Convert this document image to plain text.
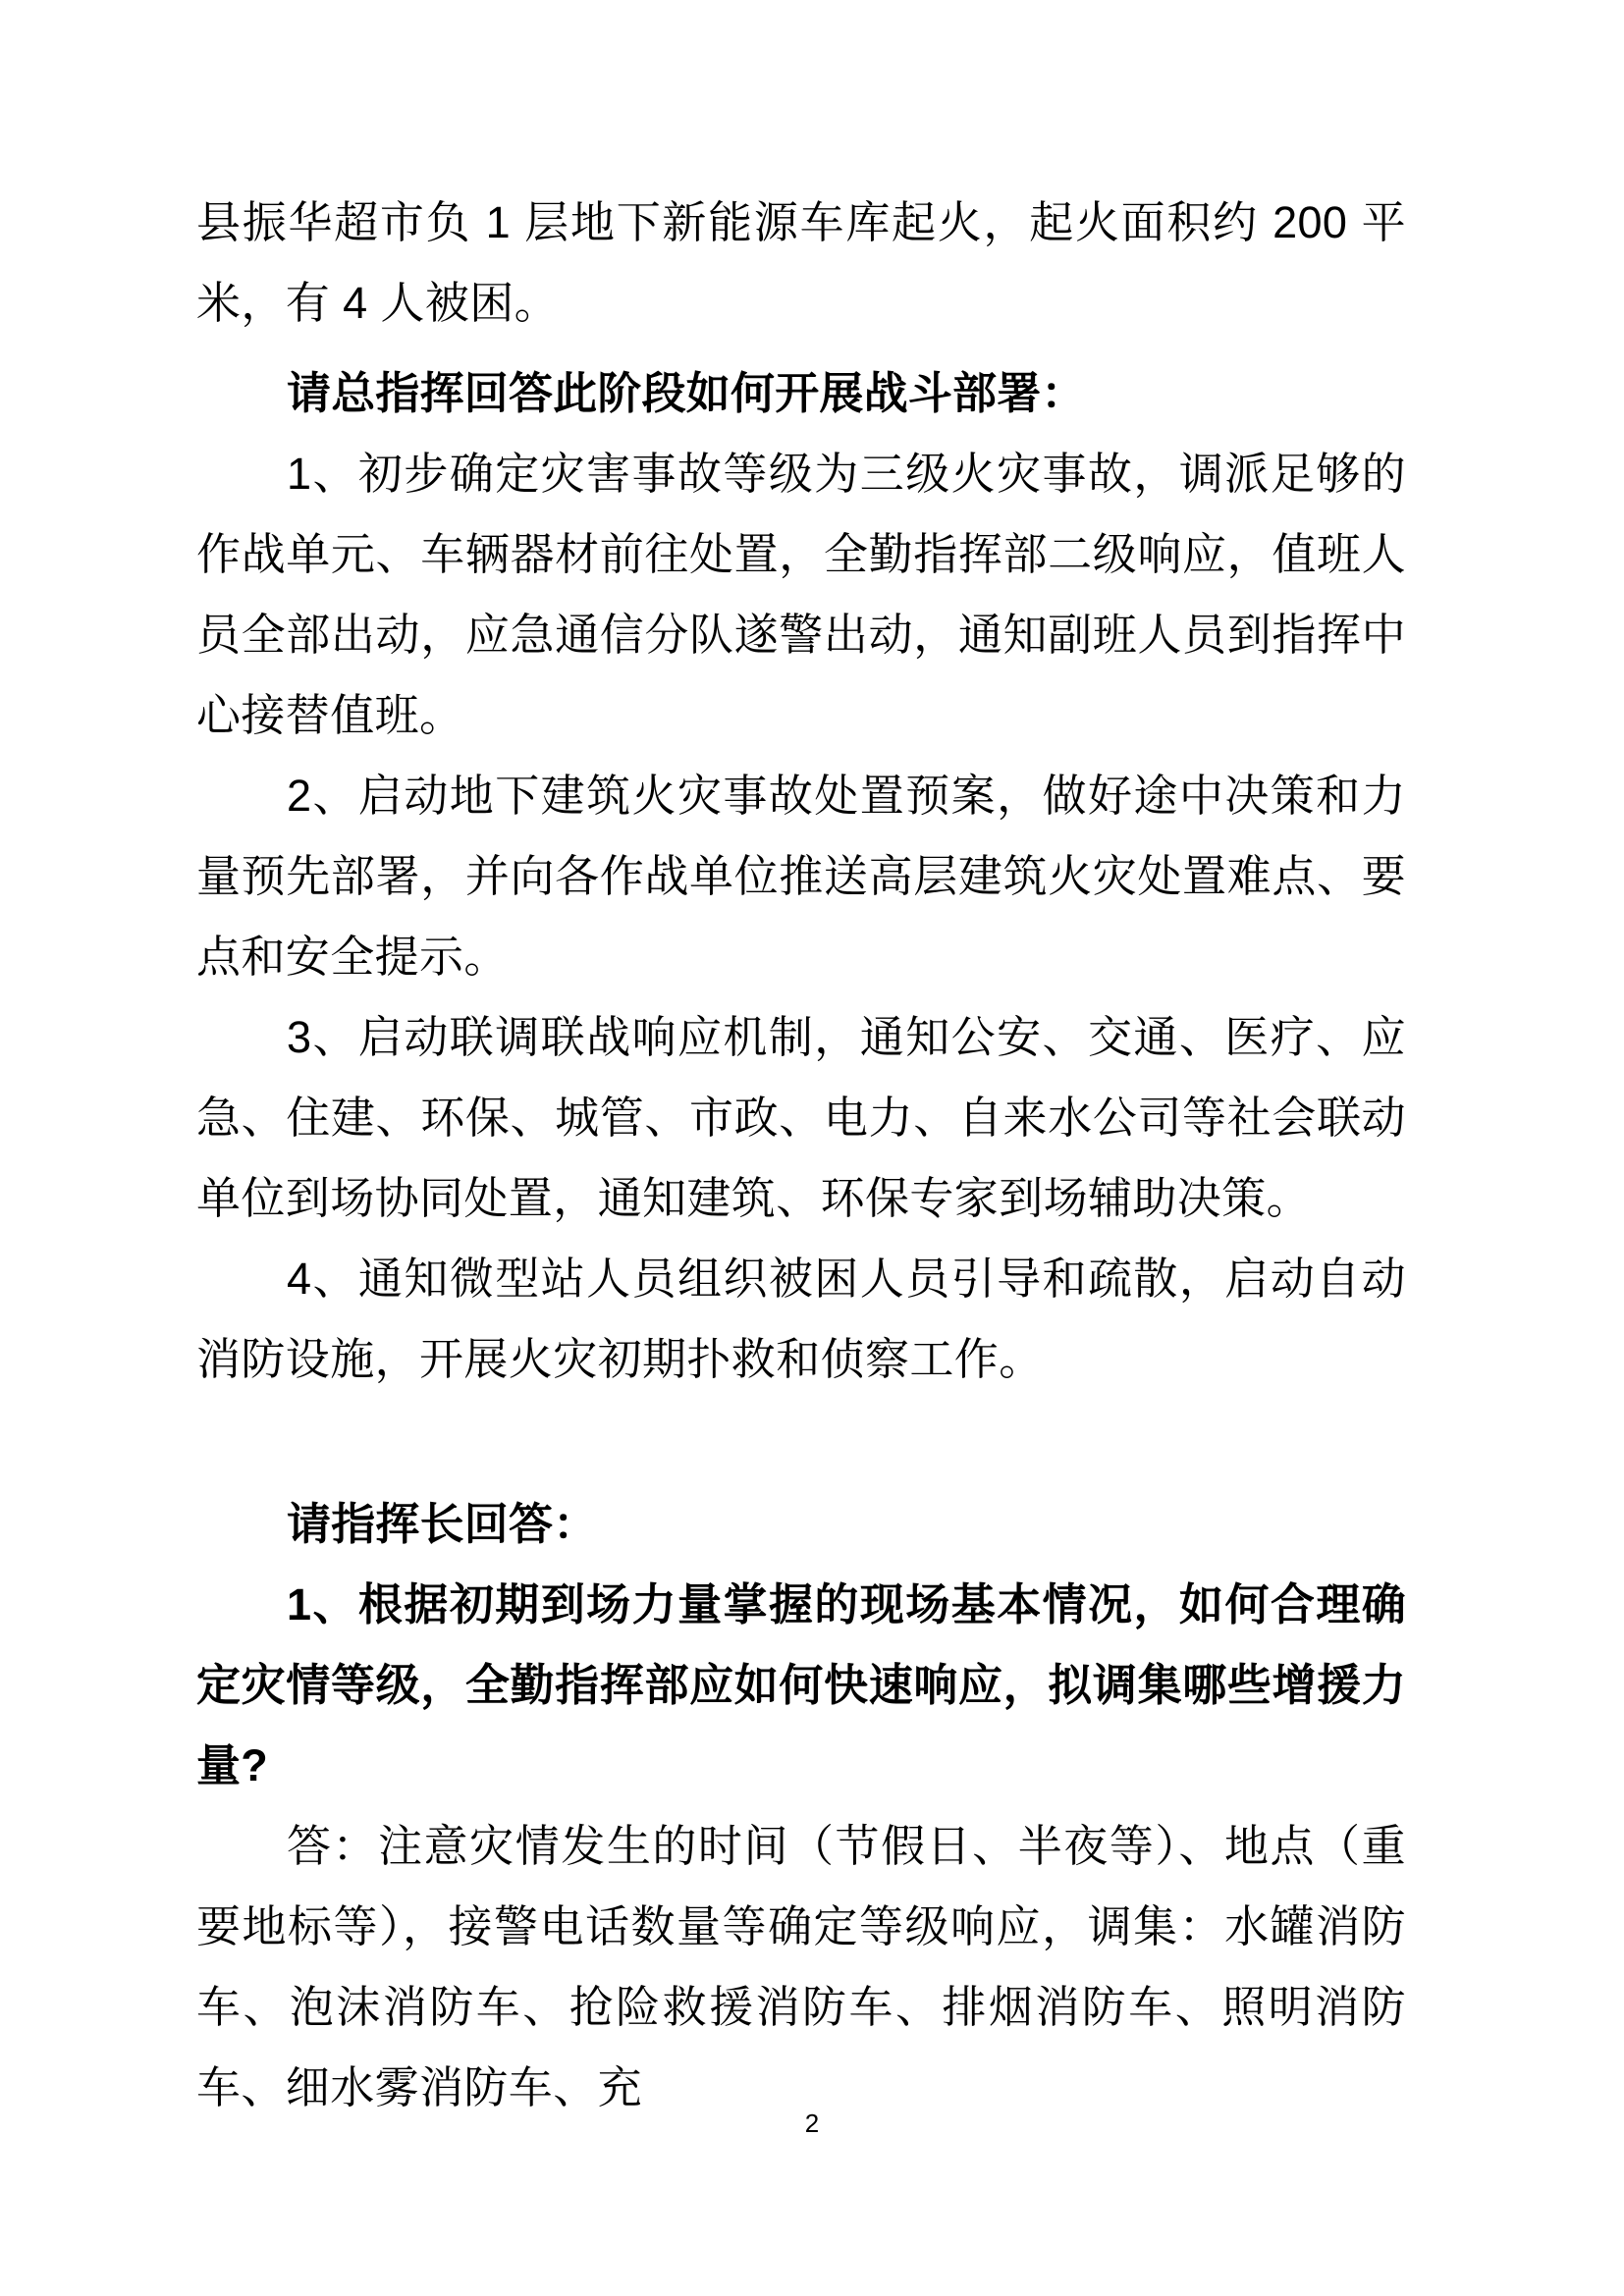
县振华超市负 1 层地下新能源车库起火，起火面积约 200 平米，有 4 人被困。

请总指挥回答此阶段如何开展战斗部署：

1、初步确定灾害事故等级为三级火灾事故，调派足够的作战单元、车辆器材前往处置，全勤指挥部二级响应，值班人员全部出动，应急通信分队遂警出动，通知副班人员到指挥中心接替值班。

2、启动地下建筑火灾事故处置预案，做好途中决策和力量预先部署，并向各作战单位推送高层建筑火灾处置难点、要点和安全提示。

3、启动联调联战响应机制，通知公安、交通、医疗、应急、住建、环保、城管、市政、电力、自来水公司等社会联动单位到场协同处置，通知建筑、环保专家到场辅助决策。

4、通知微型站人员组织被困人员引导和疏散，启动自动消防设施，开展火灾初期扑救和侦察工作。

请指挥长回答：

1、根据初期到场力量掌握的现场基本情况，如何合理确定灾情等级，全勤指挥部应如何快速响应，拟调集哪些增援力量?

答：注意灾情发生的时间（节假日、半夜等）、地点（重要地标等），接警电话数量等确定等级响应，调集：水罐消防车、泡沫消防车、抢险救援消防车、排烟消防车、照明消防车、细水雾消防车、充

2
